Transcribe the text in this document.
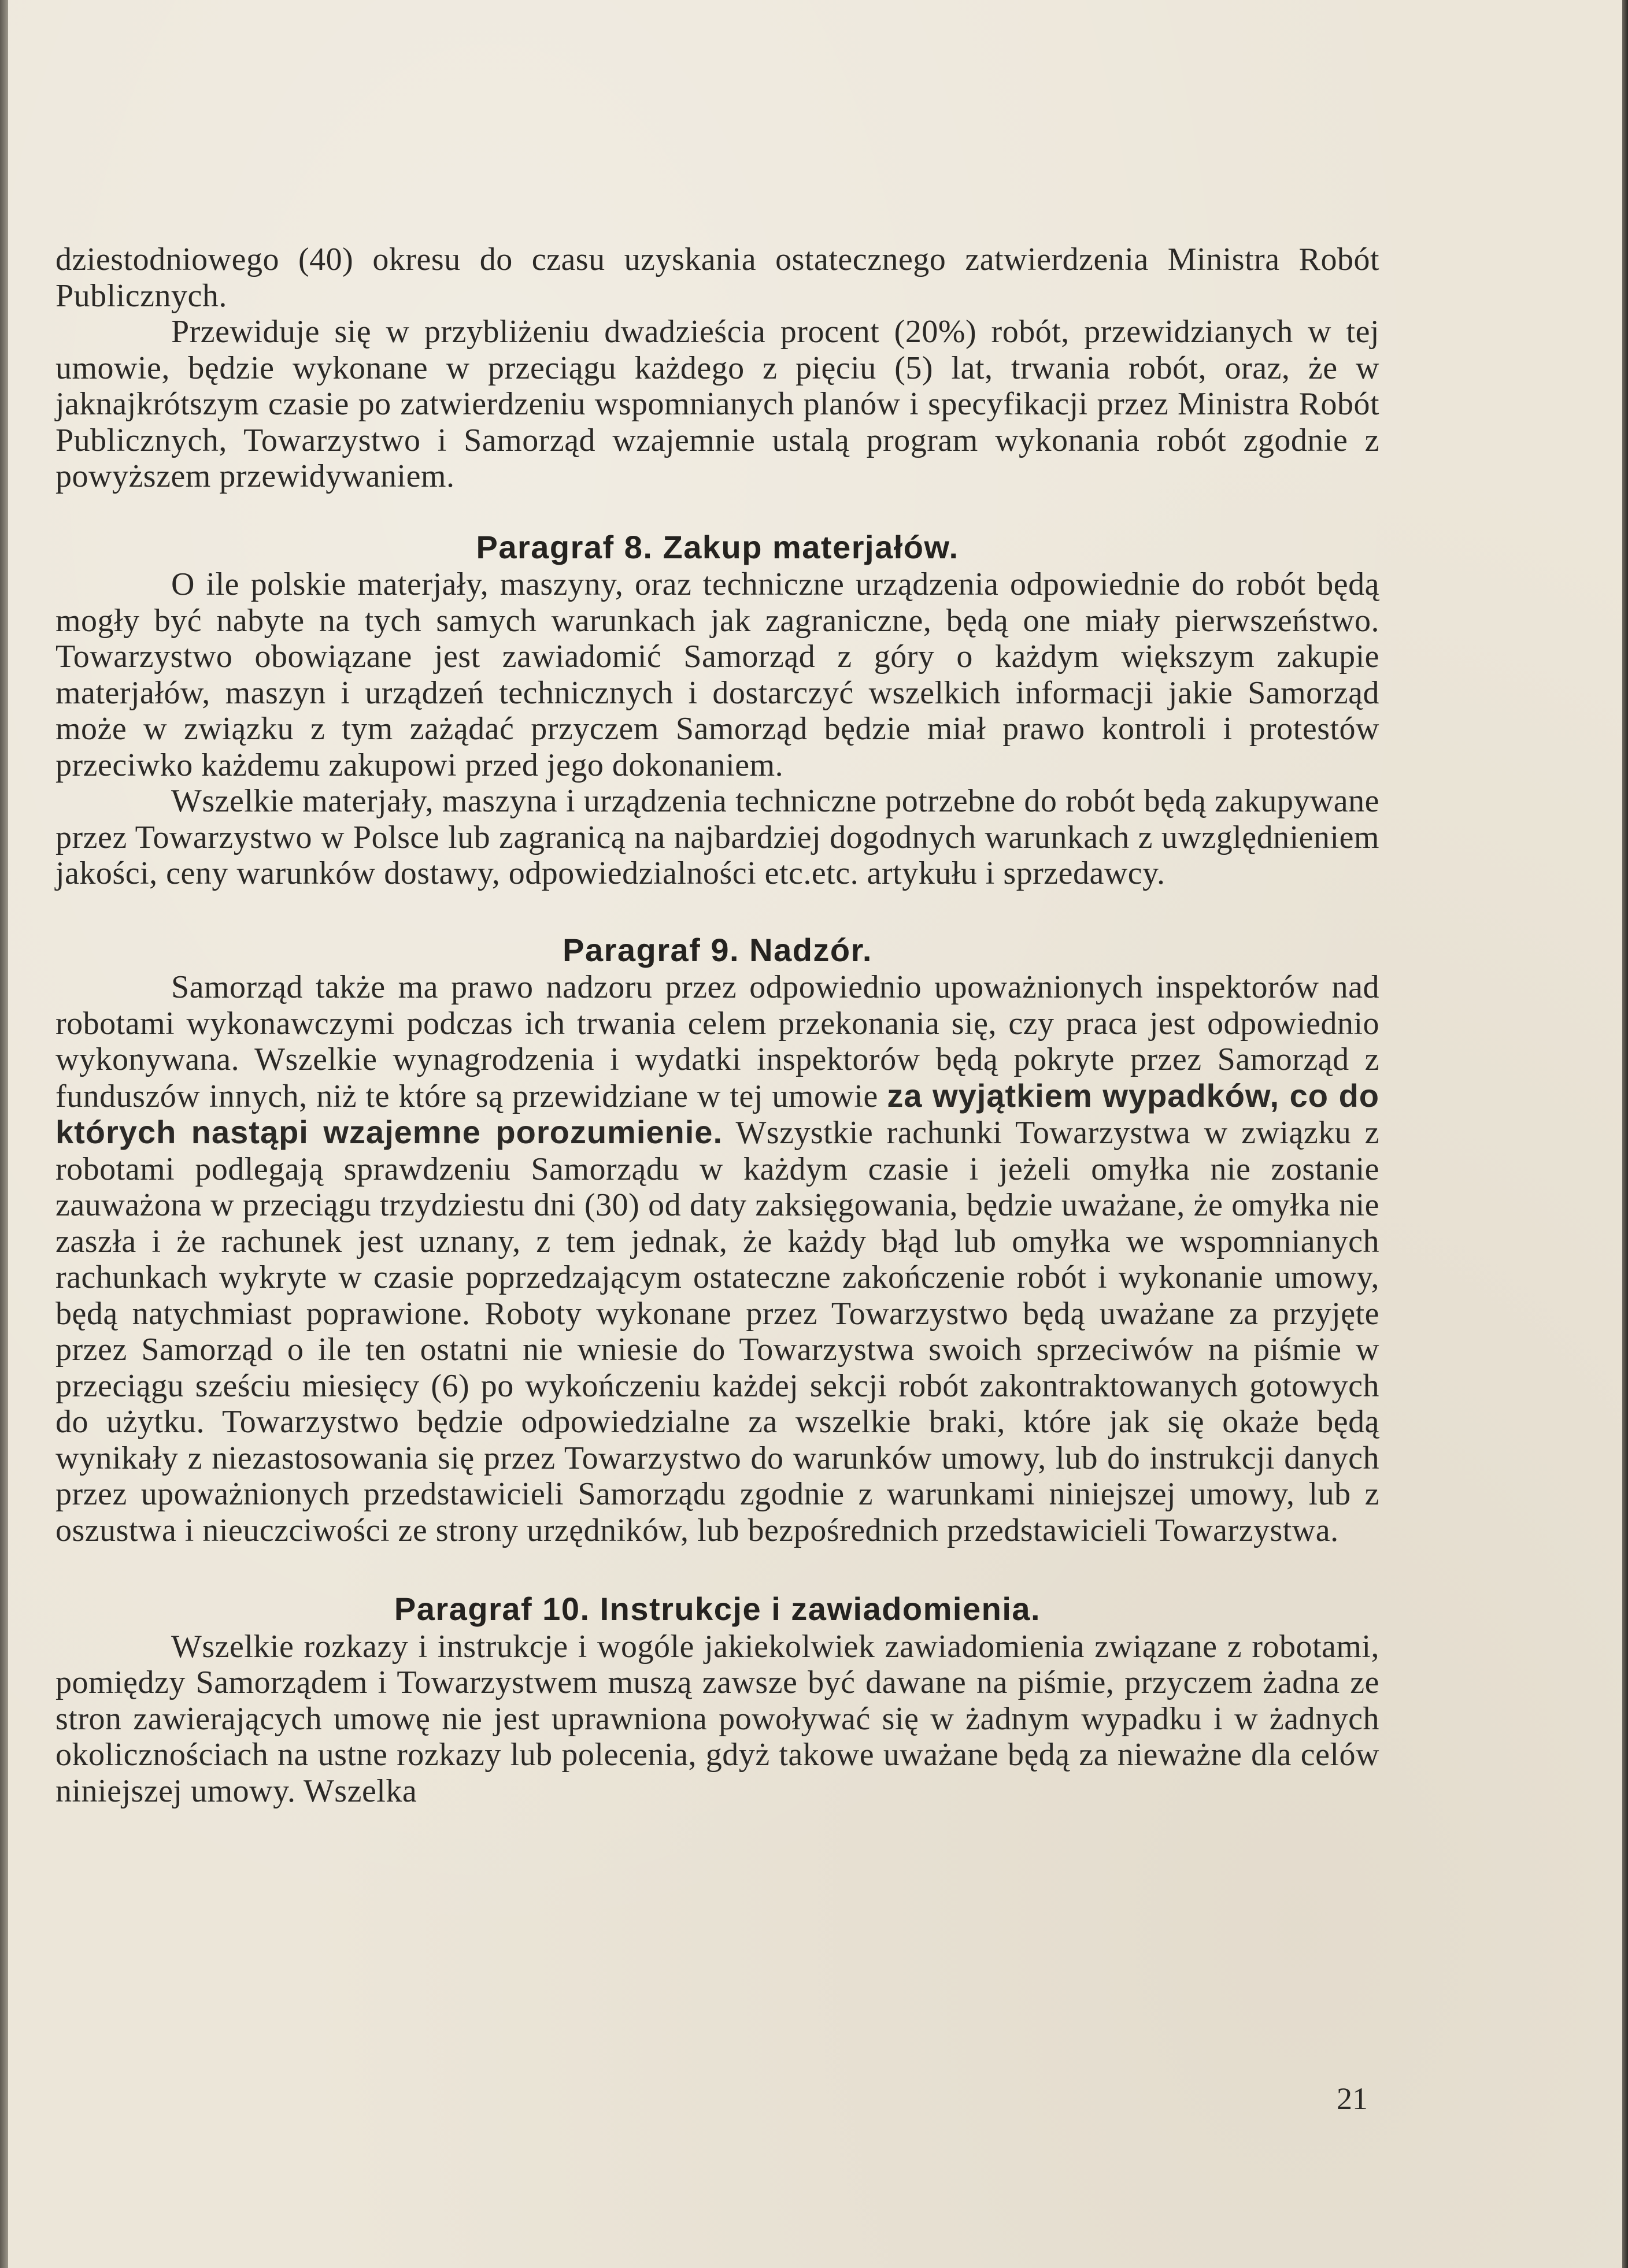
dziestodniowego (40) okresu do czasu uzyskania ostatecznego zatwierdzenia Ministra Robót Publicznych.

Przewiduje się w przybliżeniu dwadzieścia procent (20%) robót, przewidzianych w tej umowie, będzie wykonane w przeciągu każdego z pięciu (5) lat, trwania robót, oraz, że w jaknajkrótszym czasie po zatwierdzeniu wspomnianych planów i specyfikacji przez Ministra Robót Publicznych, Towarzystwo i Samorząd wzajemnie ustalą program wykonania robót zgodnie z powyższem przewidywaniem.

Paragraf 8. Zakup materjałów.

O ile polskie materjały, maszyny, oraz techniczne urządzenia odpowiednie do robót będą mogły być nabyte na tych samych warunkach jak zagraniczne, będą one miały pierwszeństwo. Towarzystwo obowiązane jest zawiadomić Samorząd z góry o każdym większym zakupie materjałów, maszyn i urządzeń technicznych i dostarczyć wszelkich informacji jakie Samorząd może w związku z tym zażądać przyczem Samorząd będzie miał prawo kontroli i protestów przeciwko każdemu zakupowi przed jego dokonaniem.

Wszelkie materjały, maszyna i urządzenia techniczne potrzebne do robót będą zakupywane przez Towarzystwo w Polsce lub zagranicą na najbardziej dogodnych warunkach z uwzględnieniem jakości, ceny warunków dostawy, odpowiedzialności etc.etc. artykułu i sprzedawcy.

Paragraf 9. Nadzór.

Samorząd także ma prawo nadzoru przez odpowiednio upoważnionych inspektorów nad robotami wykonawczymi podczas ich trwania celem przekonania się, czy praca jest odpowiednio wykonywana. Wszelkie wynagrodzenia i wydatki inspektorów będą pokryte przez Samorząd z funduszów innych, niż te które są przewidziane w tej umowie za wyjątkiem wypadków, co do których nastąpi wzajemne porozumienie. Wszystkie rachunki Towarzystwa w związku z robotami podlegają sprawdzeniu Samorządu w każdym czasie i jeżeli omyłka nie zostanie zauważona w przeciągu trzydziestu dni (30) od daty zaksięgowania, będzie uważane, że omyłka nie zaszła i że rachunek jest uznany, z tem jednak, że każdy błąd lub omyłka we wspomnianych rachunkach wykryte w czasie poprzedzającym ostateczne zakończenie robót i wykonanie umowy, będą natychmiast poprawione. Roboty wykonane przez Towarzystwo będą uważane za przyjęte przez Samorząd o ile ten ostatni nie wniesie do Towarzystwa swoich sprzeciwów na piśmie w przeciągu sześciu miesięcy (6) po wykończeniu każdej sekcji robót zakontraktowanych gotowych do użytku. Towarzystwo będzie odpowiedzialne za wszelkie braki, które jak się okaże będą wynikały z niezastosowania się przez Towarzystwo do warunków umowy, lub do instrukcji danych przez upoważnionych przedstawicieli Samorządu zgodnie z warunkami niniejszej umowy, lub z oszustwa i nieuczciwości ze strony urzędników, lub bezpośrednich przedstawicieli Towarzystwa.

Paragraf 10. Instrukcje i zawiadomienia.

Wszelkie rozkazy i instrukcje i wogóle jakiekolwiek zawiadomienia związane z robotami, pomiędzy Samorządem i Towarzystwem muszą zawsze być dawane na piśmie, przyczem żadna ze stron zawierających umowę nie jest uprawniona powoływać się w żadnym wypadku i w żadnych okolicznościach na ustne rozkazy lub polecenia, gdyż takowe uważane będą za nieważne dla celów niniejszej umowy. Wszelka

21
